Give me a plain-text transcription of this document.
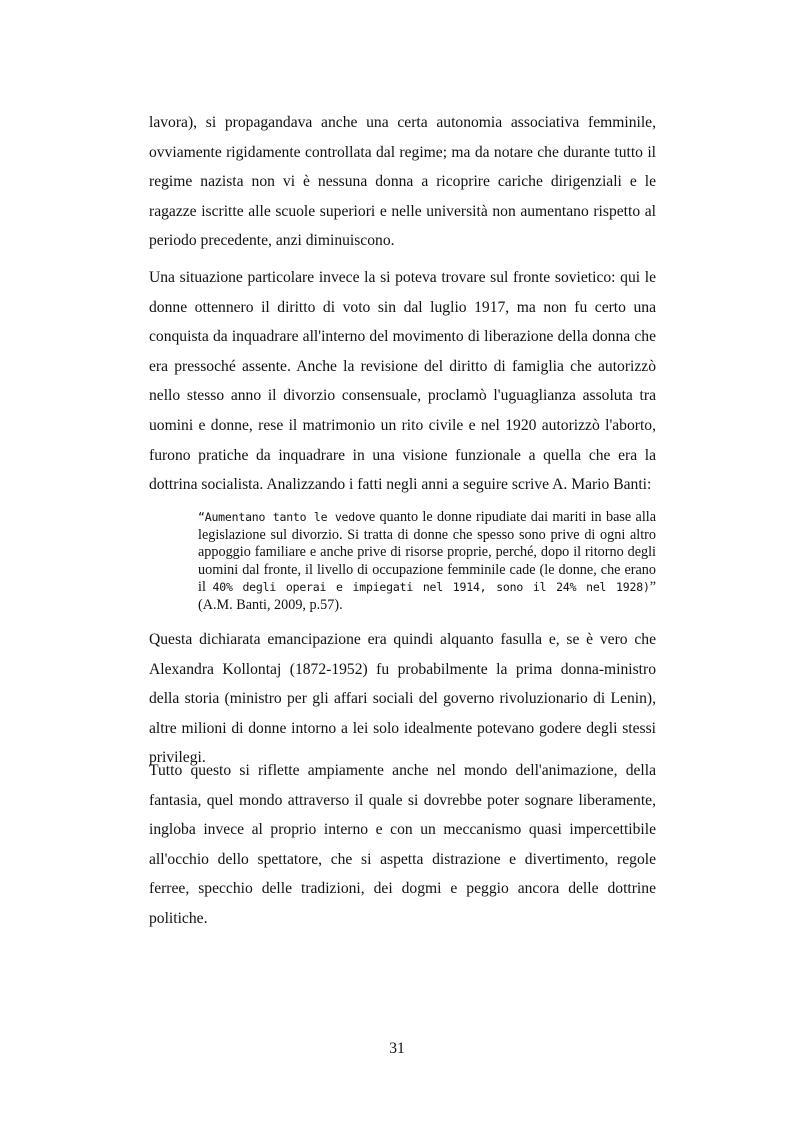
lavora), si propagandava anche una certa autonomia associativa femminile, ovviamente rigidamente controllata dal regime; ma da notare che durante tutto il regime nazista non vi è nessuna donna a ricoprire cariche dirigenziali e le ragazze iscritte alle scuole superiori e nelle università non aumentano rispetto al periodo precedente, anzi diminuiscono.

Una situazione particolare invece la si poteva trovare sul fronte sovietico: qui le donne ottennero il diritto di voto sin dal luglio 1917, ma non fu certo una conquista da inquadrare all'interno del movimento di liberazione della donna che era pressoché assente. Anche la revisione del diritto di famiglia che autorizzò nello stesso anno il divorzio consensuale, proclamò l'uguaglianza assoluta tra uomini e donne, rese il matrimonio un rito civile e nel 1920 autorizzò l'aborto, furono pratiche da inquadrare in una visione funzionale a quella che era la dottrina socialista. Analizzando i fatti negli anni a seguire scrive A. Mario Banti:

“Aumentano tanto le vedove quanto le donne ripudiate dai mariti in base alla legislazione sul divorzio. Si tratta di donne che spesso sono prive di ogni altro appoggio familiare e anche prive di risorse proprie, perché, dopo il ritorno degli uomini dal fronte, il livello di occupazione femminile cade (le donne, che erano il 40% degli operai e impiegati nel 1914, sono il 24% nel 1928)” (A.M. Banti, 2009, p.57).

Questa dichiarata emancipazione era quindi alquanto fasulla e, se è vero che Alexandra Kollontaj (1872-1952) fu probabilmente la prima donna-ministro della storia (ministro per gli affari sociali del governo rivoluzionario di Lenin), altre milioni di donne intorno a lei solo idealmente potevano godere degli stessi privilegi.

Tutto questo si riflette ampiamente anche nel mondo dell'animazione, della fantasia, quel mondo attraverso il quale si dovrebbe poter sognare liberamente, ingloba invece al proprio interno e con un meccanismo quasi impercettibile all'occhio dello spettatore, che si aspetta distrazione e divertimento, regole ferree, specchio delle tradizioni, dei dogmi e peggio ancora delle dottrine politiche.

31
